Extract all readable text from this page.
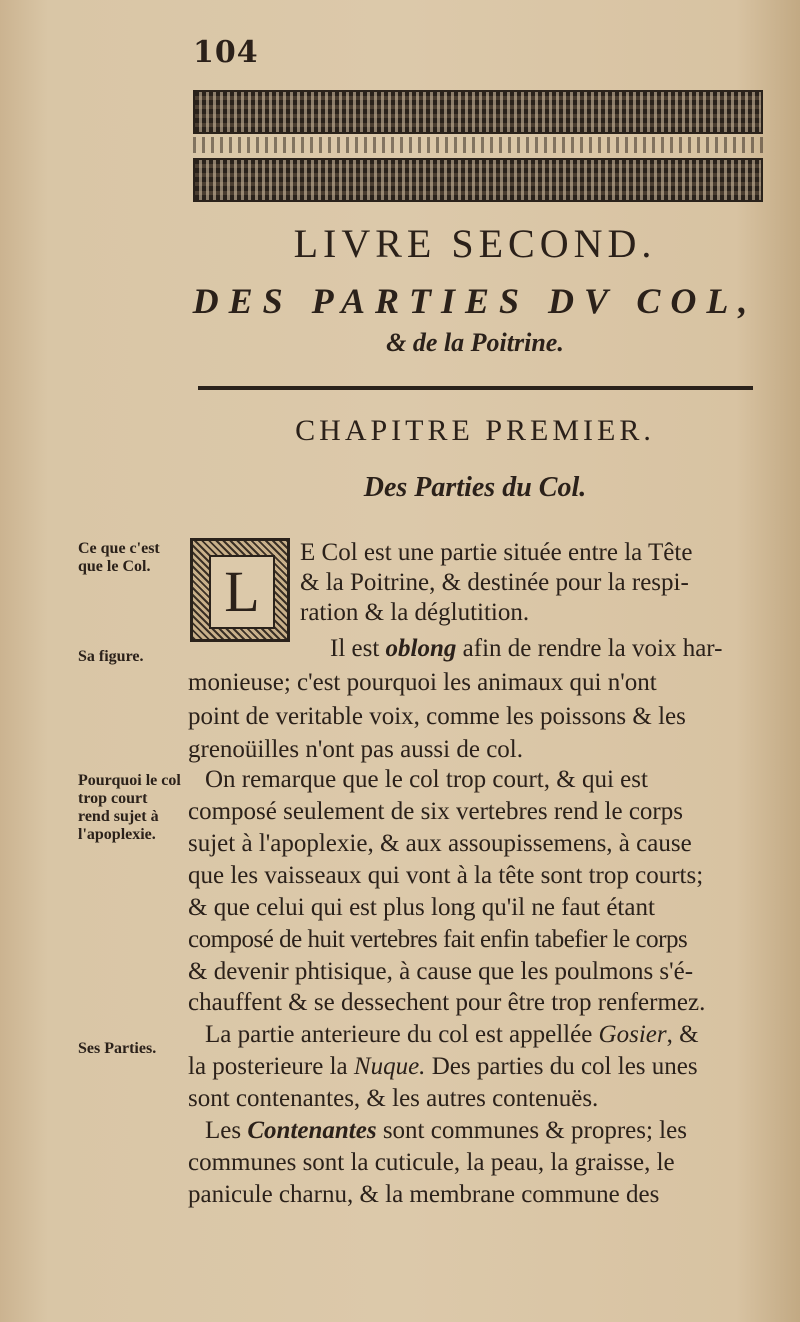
104
LIVRE SECOND.
DES PARTIES DV COL,
& de la Poitrine.
CHAPITRE PREMIER.
Des Parties du Col.
Ce que c'est que le Col.
Sa figure.
Pourquoi le col trop court rend sujet à l'apoplexie.
Ses Parties.
L
E Col est une partie située entre la Tête
& la Poitrine, & destinée pour la respi-
ration & la déglutition.
Il est oblong afin de rendre la voix har-
monieuse; c'est pourquoi les animaux qui n'ont
point de veritable voix, comme les poissons & les
grenoüilles n'ont pas aussi de col.
On remarque que le col trop court, & qui est
composé seulement de six vertebres rend le corps
sujet à l'apoplexie, & aux assoupissemens, à cause
que les vaisseaux qui vont à la tête sont trop courts;
& que celui qui est plus long qu'il ne faut étant
composé de huit vertebres fait enfin tabefier le corps
& devenir phtisique, à cause que les poulmons s'é-
chauffent & se dessechent pour être trop renfermez.
La partie anterieure du col est appellée Gosier, &
la posterieure la Nuque. Des parties du col les unes
sont contenantes, & les autres contenuës.
Les Contenantes sont communes & propres; les
communes sont la cuticule, la peau, la graisse, le
panicule charnu, & la membrane commune des
